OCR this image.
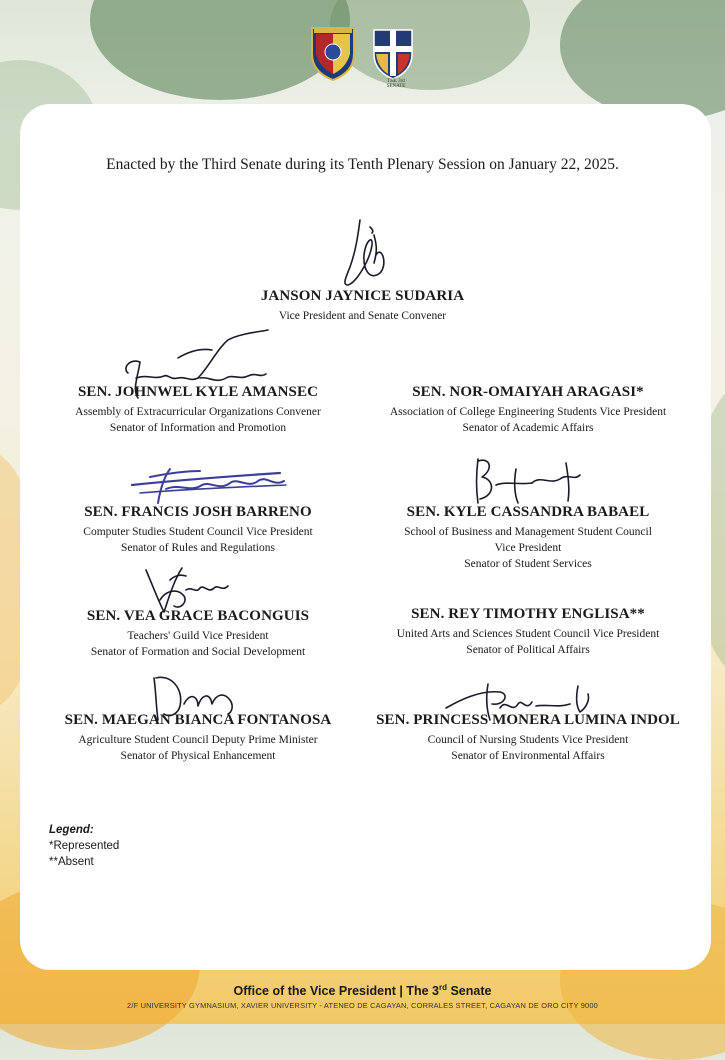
THE 3rd SENATE
Enacted by the Third Senate during its Tenth Plenary Session on January 22, 2025.
JANSON JAYNICE SUDARIA
Vice President and Senate Convener
SEN. JOHNWEL KYLE AMANSEC
Assembly of Extracurricular Organizations Convener
Senator of Information and Promotion
SEN. FRANCIS JOSH BARRENO
Computer Studies Student Council Vice President
Senator of Rules and Regulations
SEN. VEA GRACE BACONGUIS
Teachers' Guild Vice President
Senator of Formation and Social Development
SEN. MAEGAN BIANCA FONTANOSA
Agriculture Student Council Deputy Prime Minister
Senator of Physical Enhancement
SEN. NOR-OMAIYAH ARAGASI*
Association of College Engineering Students Vice President
Senator of Academic Affairs
SEN. KYLE CASSANDRA BABAEL
School of Business and Management Student Council
Vice President
Senator of Student Services
SEN. REY TIMOTHY ENGLISA**
United Arts and Sciences Student Council Vice President
Senator of Political Affairs
SEN. PRINCESS MONERA LUMINA INDOL
Council of Nursing Students Vice President
Senator of Environmental Affairs
Legend:
*Represented
**Absent
Office of the Vice President | The 3rd Senate
2/F UNIVERSITY GYMNASIUM, XAVIER UNIVERSITY - ATENEO DE CAGAYAN, CORRALES STREET, CAGAYAN DE ORO CITY 9000
